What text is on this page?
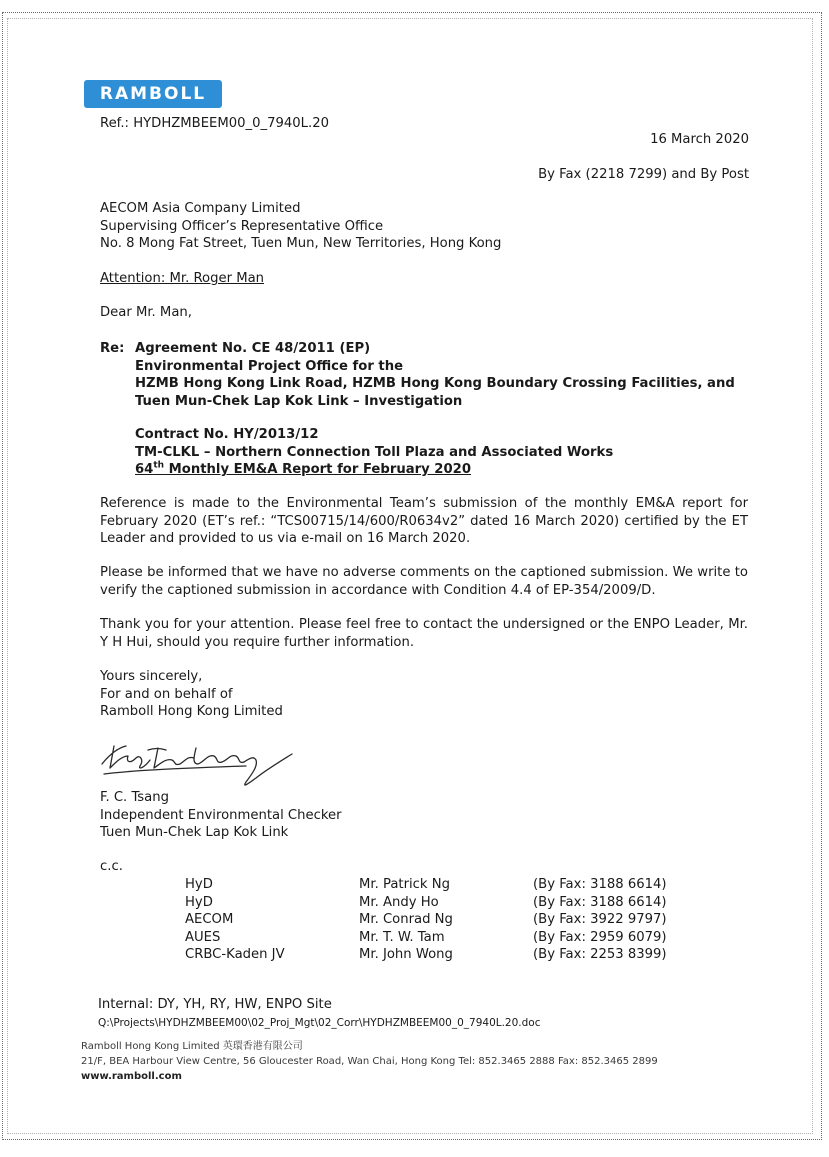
RAMBOLL
Ref.: HYDHZMBEEM00_0_7940L.20
16 March 2020
By Fax (2218 7299) and By Post
AECOM Asia Company Limited
Supervising Officer’s Representative Office
No. 8 Mong Fat Street, Tuen Mun, New Territories, Hong Kong
Attention: Mr. Roger Man
Dear Mr. Man,
Re: Agreement No. CE 48/2011 (EP)
Environmental Project Office for the
HZMB Hong Kong Link Road, HZMB Hong Kong Boundary Crossing Facilities, and
Tuen Mun-Chek Lap Kok Link – Investigation
Contract No. HY/2013/12
TM-CLKL – Northern Connection Toll Plaza and Associated Works
64th Monthly EM&A Report for February 2020
Reference is made to the Environmental Team’s submission of the monthly EM&A report for February 2020 (ET’s ref.: “TCS00715/14/600/R0634v2” dated 16 March 2020) certified by the ET Leader and provided to us via e-mail on 16 March 2020.
Please be informed that we have no adverse comments on the captioned submission. We write to verify the captioned submission in accordance with Condition 4.4 of EP-354/2009/D.
Thank you for your attention. Please feel free to contact the undersigned or the ENPO Leader, Mr. Y H Hui, should you require further information.
Yours sincerely,
For and on behalf of
Ramboll Hong Kong Limited
F. C. Tsang
Independent Environmental Checker
Tuen Mun-Chek Lap Kok Link
c.c.
HyD	Mr. Patrick Ng	(By Fax: 3188 6614)
HyD	Mr. Andy Ho	(By Fax: 3188 6614)
AECOM	Mr. Conrad Ng	(By Fax: 3922 9797)
AUES	Mr. T. W. Tam	(By Fax: 2959 6079)
CRBC-Kaden JV	Mr. John Wong	(By Fax: 2253 8399)
Internal: DY, YH, RY, HW, ENPO Site
Q:\Projects\HYDHZMBEEM00\02_Proj_Mgt\02_Corr\HYDHZMBEEM00_0_7940L.20.doc
Ramboll Hong Kong Limited 英環香港有限公司
21/F, BEA Harbour View Centre, 56 Gloucester Road, Wan Chai, Hong Kong Tel: 852.3465 2888 Fax: 852.3465 2899
www.ramboll.com
